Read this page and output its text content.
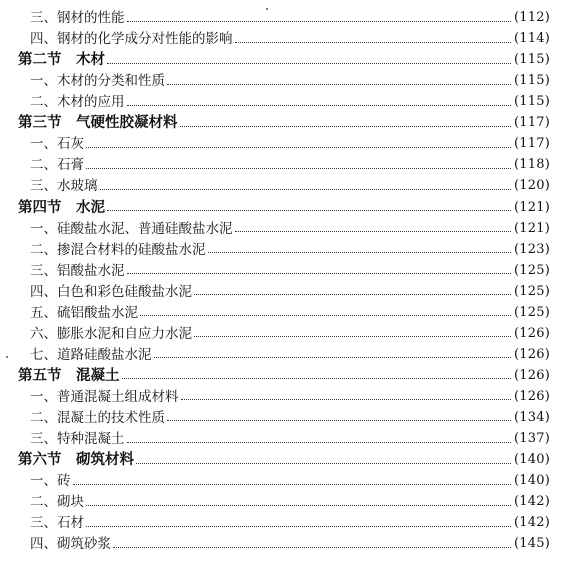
三、钢材的性能	(112)
四、钢材的化学成分对性能的影响	(114)
第二节　木材	(115)
一、木材的分类和性质	(115)
二、木材的应用	(115)
第三节　气硬性胶凝材料	(117)
一、石灰	(117)
二、石膏	(118)
三、水玻璃	(120)
第四节　水泥	(121)
一、硅酸盐水泥、普通硅酸盐水泥	(121)
二、掺混合材料的硅酸盐水泥	(123)
三、铝酸盐水泥	(125)
四、白色和彩色硅酸盐水泥	(125)
五、硫铝酸盐水泥	(125)
六、膨胀水泥和自应力水泥	(126)
七、道路硅酸盐水泥	(126)
第五节　混凝土	(126)
一、普通混凝土组成材料	(126)
二、混凝土的技术性质	(134)
三、特种混凝土	(137)
第六节　砌筑材料	(140)
一、砖	(140)
二、砌块	(142)
三、石材	(142)
四、砌筑砂浆	(145)
